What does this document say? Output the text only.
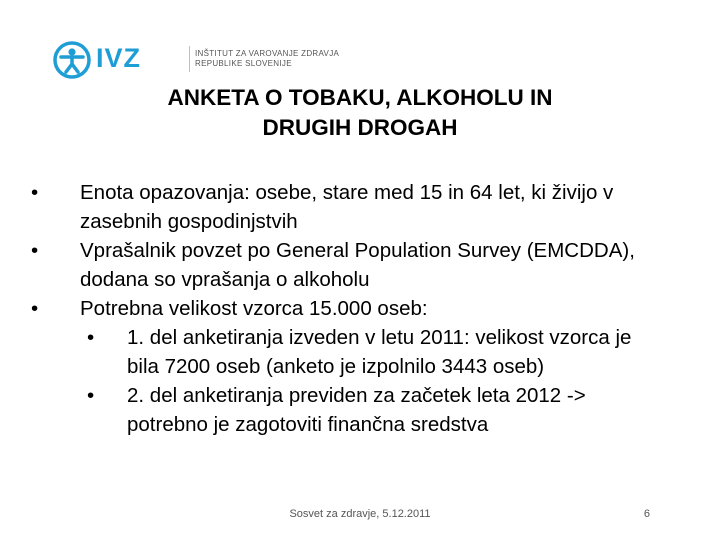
IVZ	INŠTITUT ZA VAROVANJE ZDRAVJA
REPUBLIKE SLOVENIJE
ANKETA O TOBAKU, ALKOHOLU IN
DRUGIH DROGAH
• Enota opazovanja: osebe, stare med 15 in 64 let, ki živijo v zasebnih gospodinjstvih
• Vprašalnik povzet po General Population Survey (EMCDDA), dodana so vprašanja o alkoholu
• Potrebna velikost vzorca 15.000 oseb:
• 1. del anketiranja izveden v letu 2011: velikost vzorca je bila 7200 oseb (anketo je izpolnilo 3443 oseb)
• 2. del anketiranja previden za začetek leta 2012 -> potrebno je zagotoviti finančna sredstva
Sosvet za zdravje, 5.12.2011	6
